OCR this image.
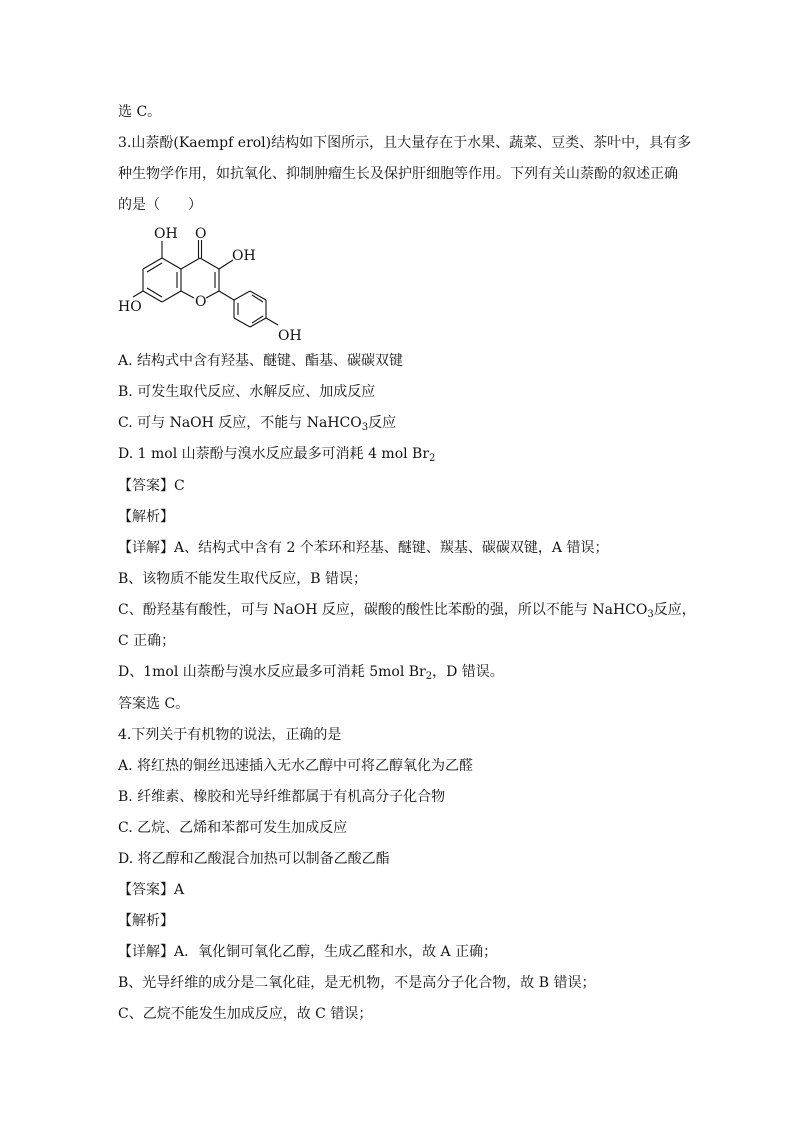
选 C。
3.山萘酚(Kaempf erol)结构如下图所示，且大量存在于水果、蔬菜、豆类、茶叶中，具有多
种生物学作用，如抗氧化、抑制肿瘤生长及保护肝细胞等作用。下列有关山萘酚的叙述正确
的是（　　）
OH O
OH
O
HO
OH
A. 结构式中含有羟基、醚键、酯基、碳碳双键
B. 可发生取代反应、水解反应、加成反应
C. 可与 NaOH 反应，不能与 NaHCO$_3$反应
D. 1 mol 山萘酚与溴水反应最多可消耗 4 mol $Br_2$
【答案】C
【解析】
【详解】A、结构式中含有 2 个苯环和羟基、醚键、羰基、碳碳双键，A 错误；
B、该物质不能发生取代反应，B 错误；
C、酚羟基有酸性，可与 NaOH 反应，碳酸的酸性比苯酚的强，所以不能与 NaHCO$_3$反应，
C 正确；
D、1mol 山萘酚与溴水反应最多可消耗 5mol $Br_2$，D 错误。
答案选 C。
4.下列关于有机物的说法，正确的是
A. 将红热的铜丝迅速插入无水乙醇中可将乙醇氧化为乙醛
B. 纤维素、橡胶和光导纤维都属于有机高分子化合物
C. 乙烷、乙烯和苯都可发生加成反应
D. 将乙醇和乙酸混合加热可以制备乙酸乙酯
【答案】A
【解析】
【详解】A．氧化铜可氧化乙醇，生成乙醛和水，故 A 正确；
B、光导纤维的成分是二氧化硅，是无机物，不是高分子化合物，故 B 错误；
C、乙烷不能发生加成反应，故 C 错误；
